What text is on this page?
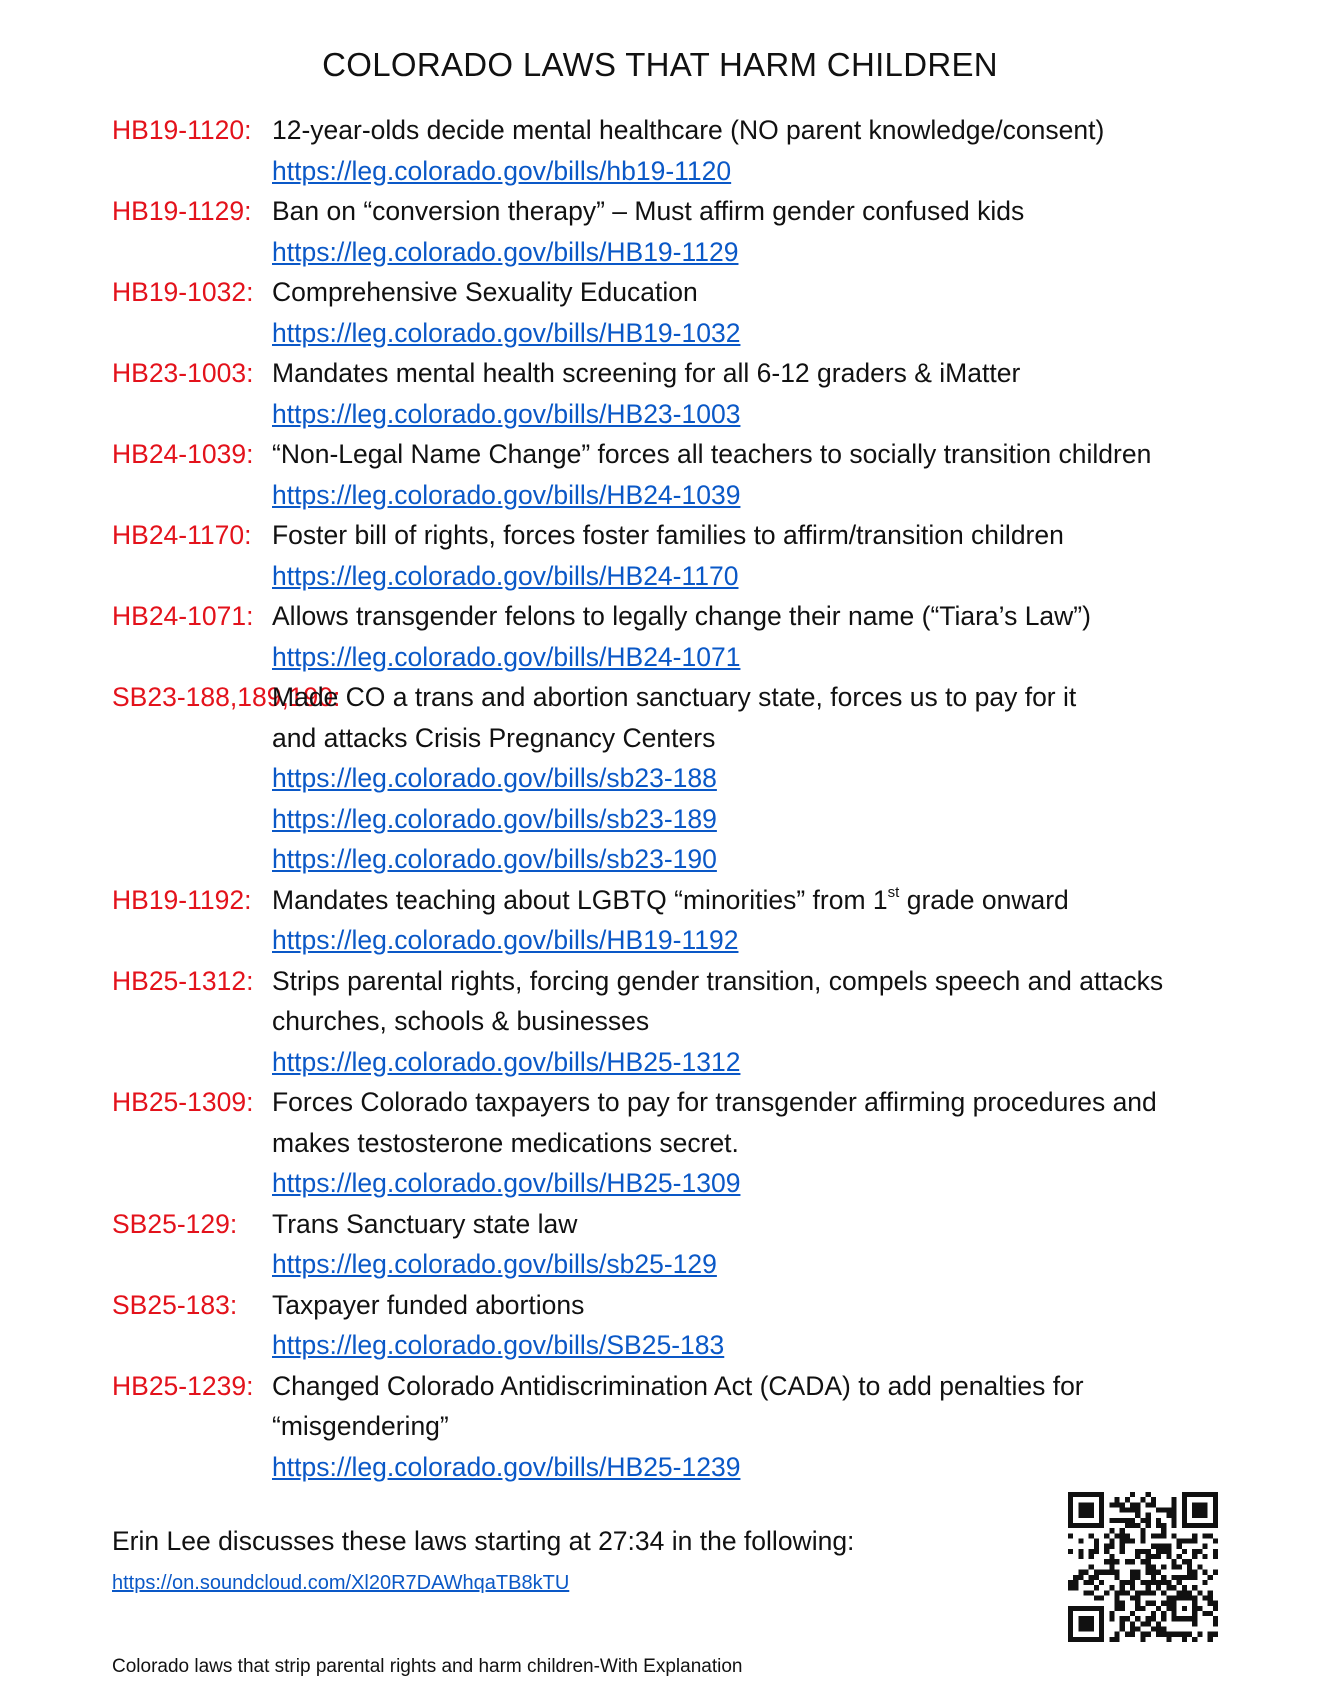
COLORADO LAWS THAT HARM CHILDREN
HB19-1120: 12-year-olds decide mental healthcare (NO parent knowledge/consent)
https://leg.colorado.gov/bills/hb19-1120
HB19-1129: Ban on “conversion therapy” – Must affirm gender confused kids
https://leg.colorado.gov/bills/HB19-1129
HB19-1032: Comprehensive Sexuality Education
https://leg.colorado.gov/bills/HB19-1032
HB23-1003: Mandates mental health screening for all 6-12 graders & iMatter
https://leg.colorado.gov/bills/HB23-1003
HB24-1039: “Non-Legal Name Change” forces all teachers to socially transition children
https://leg.colorado.gov/bills/HB24-1039
HB24-1170: Foster bill of rights, forces foster families to affirm/transition children
https://leg.colorado.gov/bills/HB24-1170
HB24-1071: Allows transgender felons to legally change their name (“Tiara’s Law”)
https://leg.colorado.gov/bills/HB24-1071
SB23-188,189,190:
Made CO a trans and abortion sanctuary state, forces us to pay for it
and attacks Crisis Pregnancy Centers
https://leg.colorado.gov/bills/sb23-188
https://leg.colorado.gov/bills/sb23-189
https://leg.colorado.gov/bills/sb23-190
HB19-1192: Mandates teaching about LGBTQ “minorities” from 1st grade onward
https://leg.colorado.gov/bills/HB19-1192
HB25-1312: Strips parental rights, forcing gender transition, compels speech and attacks
churches, schools & businesses
https://leg.colorado.gov/bills/HB25-1312
HB25-1309: Forces Colorado taxpayers to pay for transgender affirming procedures and
makes testosterone medications secret.
https://leg.colorado.gov/bills/HB25-1309
SB25-129:	Trans Sanctuary state law
https://leg.colorado.gov/bills/sb25-129
SB25-183:	Taxpayer funded abortions
https://leg.colorado.gov/bills/SB25-183
HB25-1239: Changed Colorado Antidiscrimination Act (CADA) to add penalties for
“misgendering”
https://leg.colorado.gov/bills/HB25-1239
Erin Lee discusses these laws starting at 27:34 in the following:
https://on.soundcloud.com/Xl20R7DAWhqaTB8kTU
Colorado laws that strip parental rights and harm children-With Explanation
